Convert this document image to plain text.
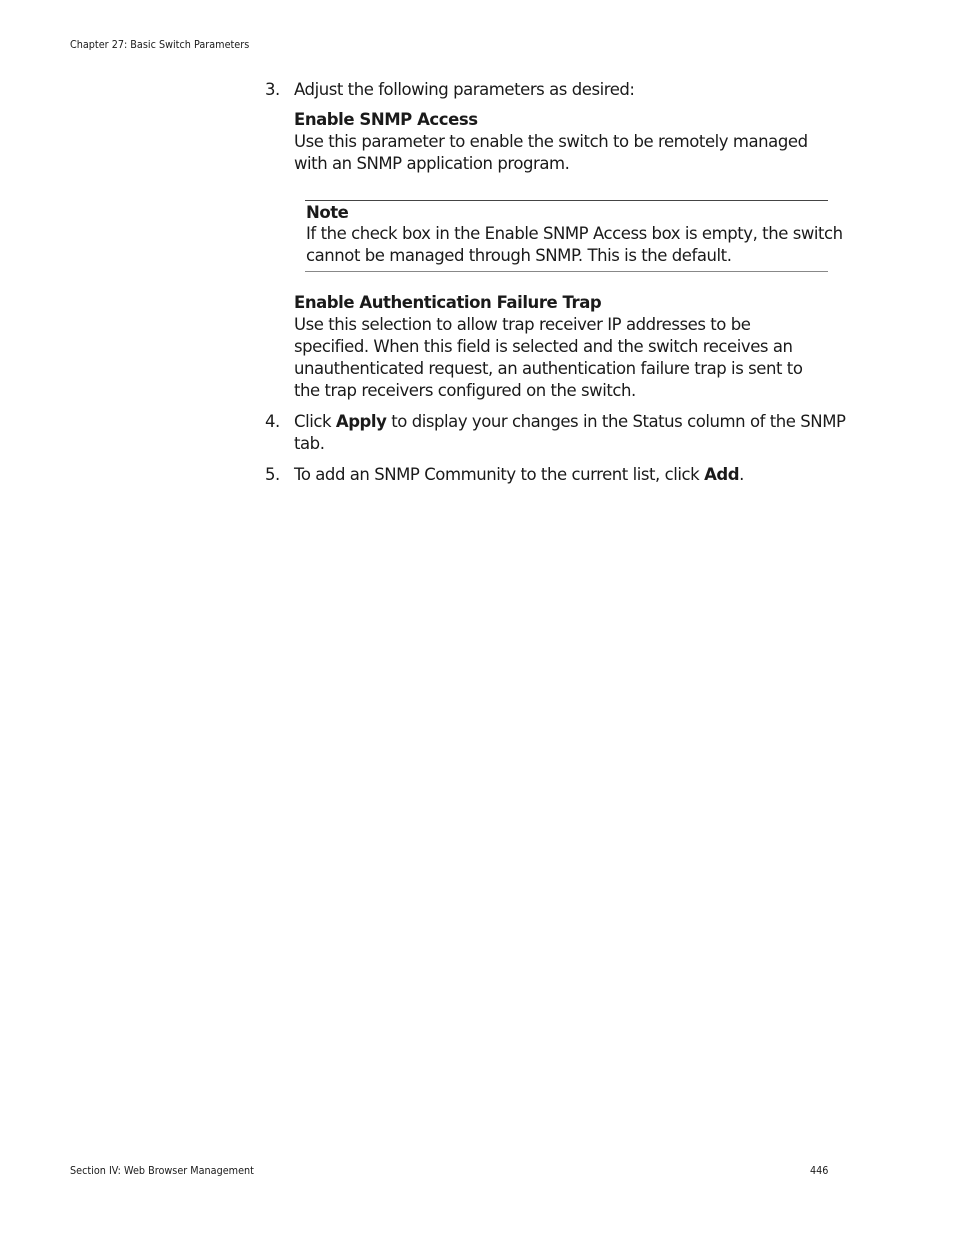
Chapter 27: Basic Switch Parameters
3. Adjust the following parameters as desired:
Enable SNMP Access
Use this parameter to enable the switch to be remotely managed
with an SNMP application program.
Enable Authentication Failure Trap
Use this selection to allow trap receiver IP addresses to be
specified. When this field is selected and the switch receives an
unauthenticated request, an authentication failure trap is sent to
the trap receivers configured on the switch.
4. Click Apply to display your changes in the Status column of the SNMP
tab.
5. To add an SNMP Community to the current list, click Add.
Note
If the check box in the Enable SNMP Access box is empty, the switch
cannot be managed through SNMP. This is the default.
Section IV: Web Browser Management	446
